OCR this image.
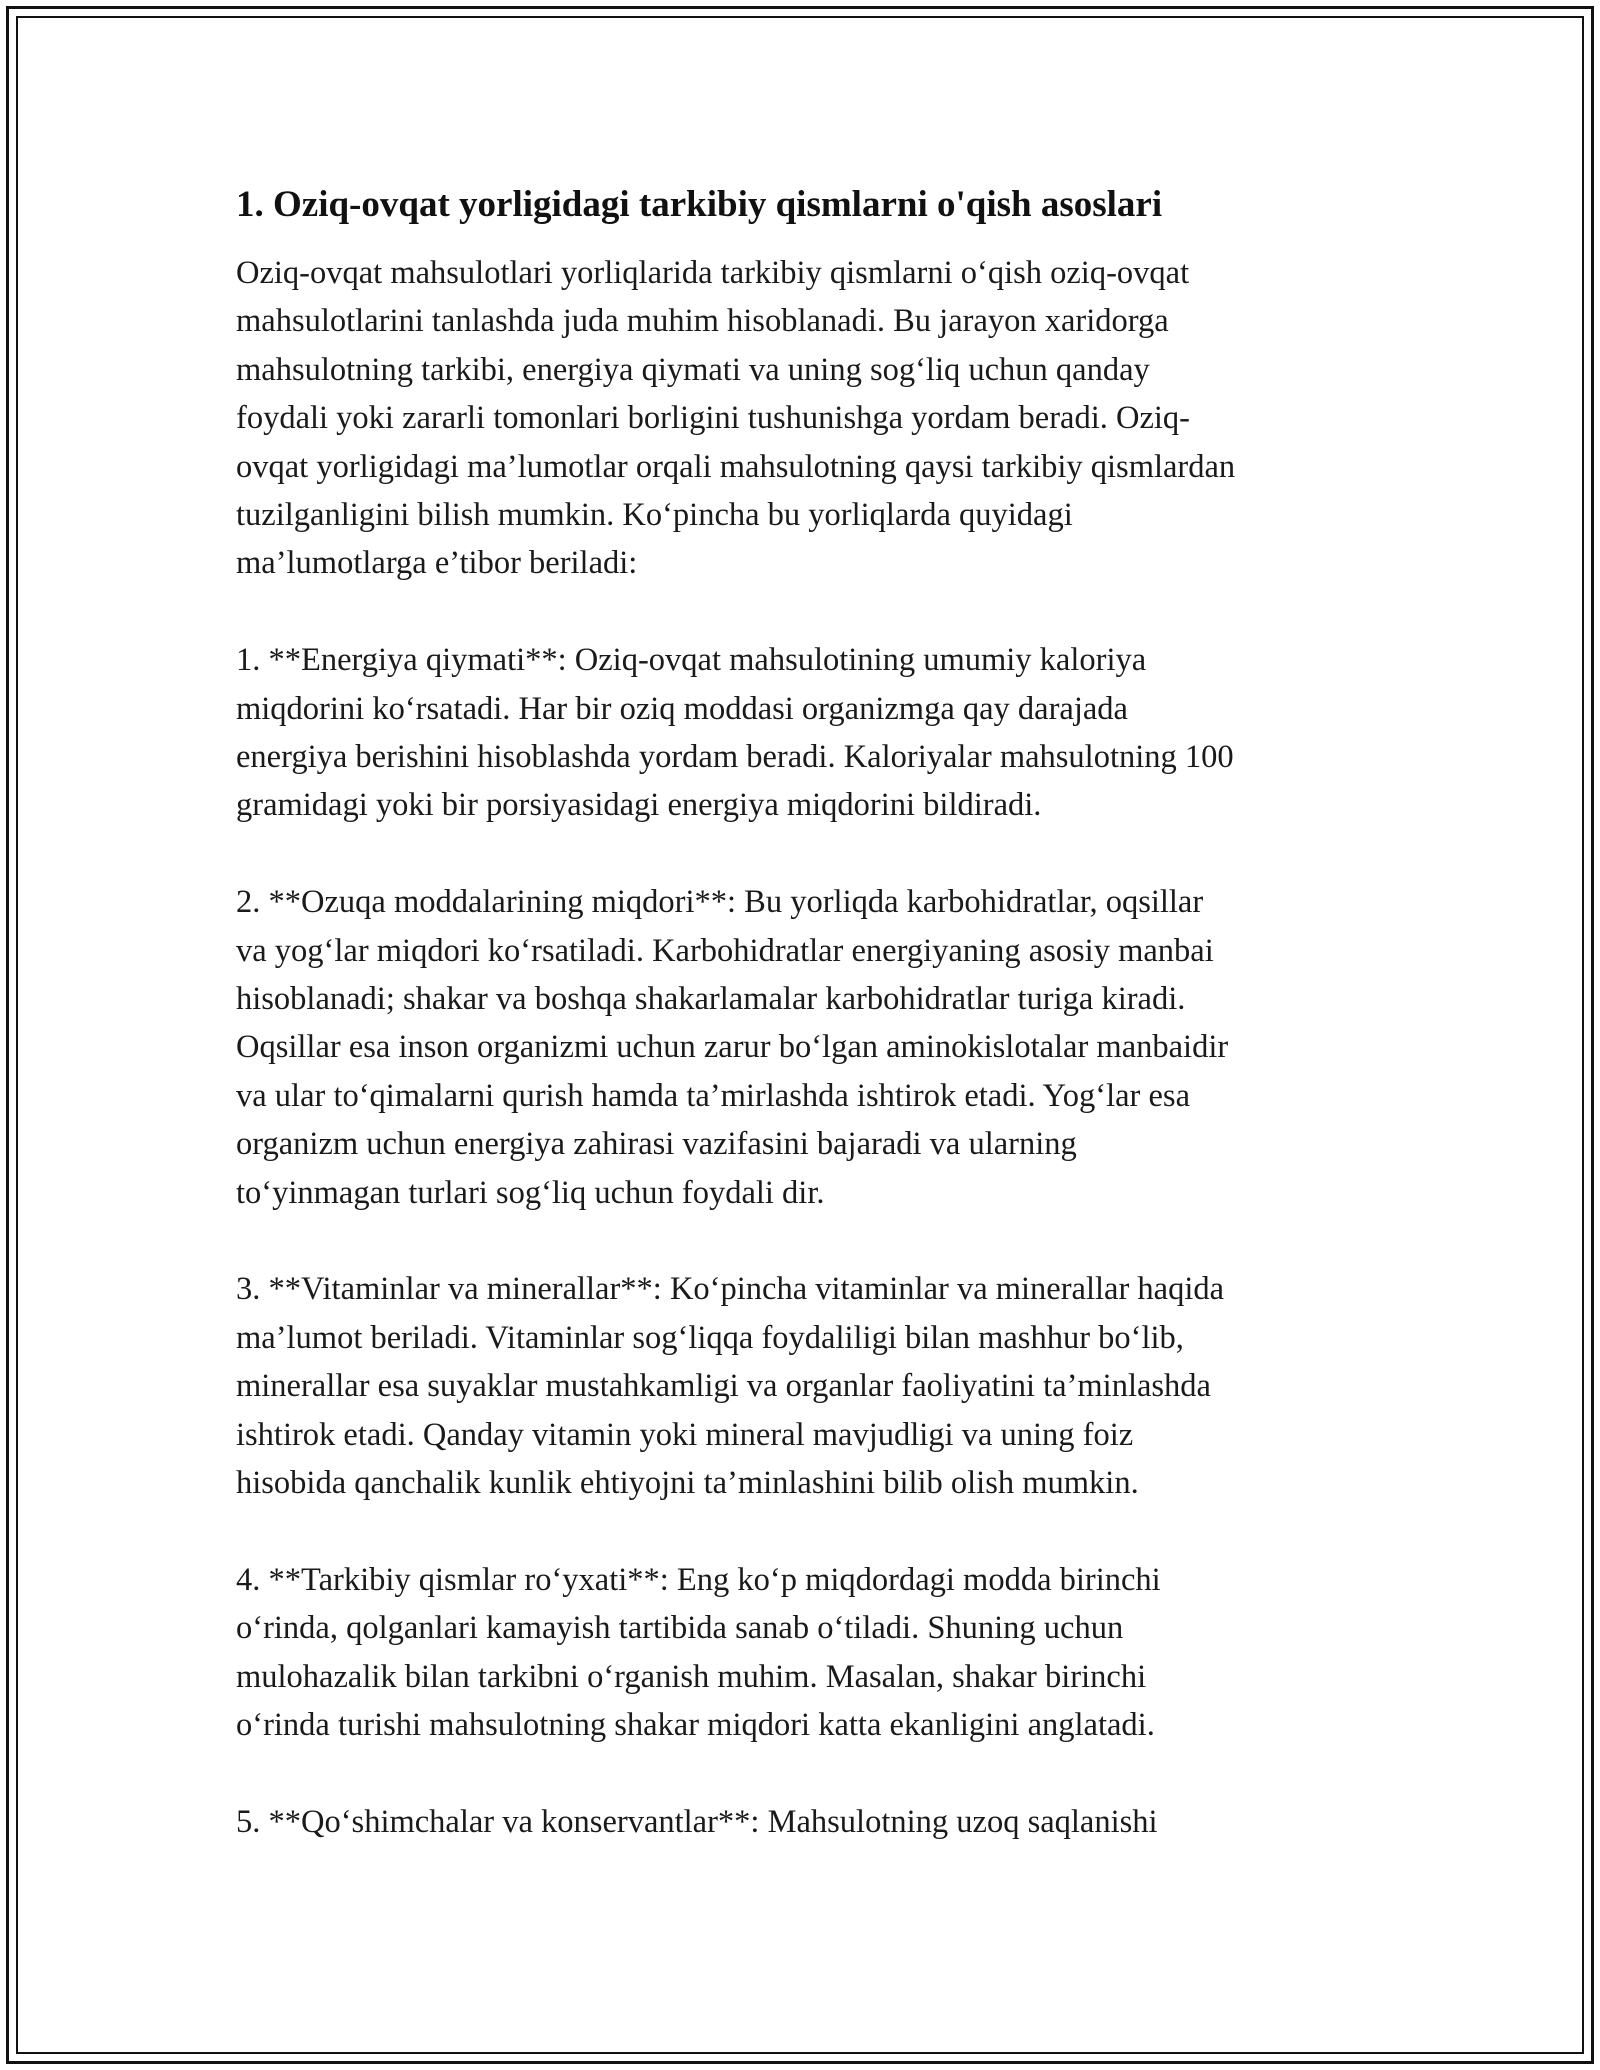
1. Oziq-ovqat yorligidagi tarkibiy qismlarni o'qish asoslari
Oziq-ovqat mahsulotlari yorliqlarida tarkibiy qismlarni o‘qish oziq-ovqat
mahsulotlarini tanlashda juda muhim hisoblanadi. Bu jarayon xaridorga
mahsulotning tarkibi, energiya qiymati va uning sog‘liq uchun qanday
foydali yoki zararli tomonlari borligini tushunishga yordam beradi. Oziq-
ovqat yorligidagi ma’lumotlar orqali mahsulotning qaysi tarkibiy qismlardan
tuzilganligini bilish mumkin. Ko‘pincha bu yorliqlarda quyidagi
ma’lumotlarga e’tibor beriladi:
1. **Energiya qiymati**: Oziq-ovqat mahsulotining umumiy kaloriya
miqdorini ko‘rsatadi. Har bir oziq moddasi organizmga qay darajada
energiya berishini hisoblashda yordam beradi. Kaloriyalar mahsulotning 100
gramidagi yoki bir porsiyasidagi energiya miqdorini bildiradi.
2. **Ozuqa moddalarining miqdori**: Bu yorliqda karbohidratlar, oqsillar
va yog‘lar miqdori ko‘rsatiladi. Karbohidratlar energiyaning asosiy manbai
hisoblanadi; shakar va boshqa shakarlamalar karbohidratlar turiga kiradi.
Oqsillar esa inson organizmi uchun zarur bo‘lgan aminokislotalar manbaidir
va ular to‘qimalarni qurish hamda ta’mirlashda ishtirok etadi. Yog‘lar esa
organizm uchun energiya zahirasi vazifasini bajaradi va ularning
to‘yinmagan turlari sog‘liq uchun foydali dir.
3. **Vitaminlar va minerallar**: Ko‘pincha vitaminlar va minerallar haqida
ma’lumot beriladi. Vitaminlar sog‘liqqa foydaliligi bilan mashhur bo‘lib,
minerallar esa suyaklar mustahkamligi va organlar faoliyatini ta’minlashda
ishtirok etadi. Qanday vitamin yoki mineral mavjudligi va uning foiz
hisobida qanchalik kunlik ehtiyojni ta’minlashini bilib olish mumkin.
4. **Tarkibiy qismlar ro‘yxati**: Eng ko‘p miqdordagi modda birinchi
o‘rinda, qolganlari kamayish tartibida sanab o‘tiladi. Shuning uchun
mulohazalik bilan tarkibni o‘rganish muhim. Masalan, shakar birinchi
o‘rinda turishi mahsulotning shakar miqdori katta ekanligini anglatadi.
5. **Qo‘shimchalar va konservantlar**: Mahsulotning uzoq saqlanishi
